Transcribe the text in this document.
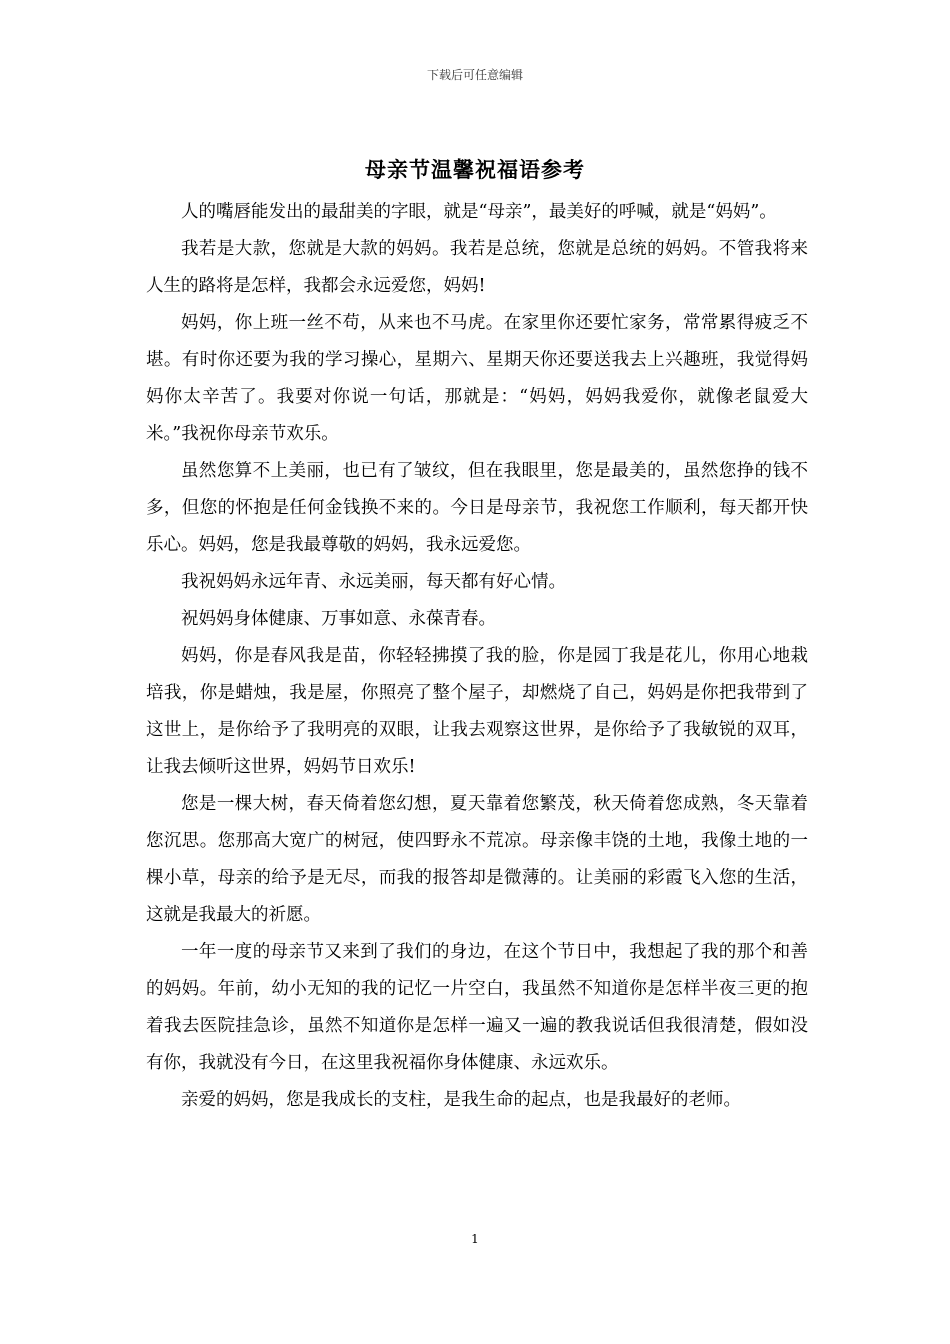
下载后可任意编辑
母亲节温馨祝福语参考

人的嘴唇能发出的最甜美的字眼，就是“母亲”，最美好的呼喊，就是“妈妈”。

我若是大款，您就是大款的妈妈。我若是总统，您就是总统的妈妈。不管我将来人生的路将是怎样，我都会永远爱您，妈妈!

妈妈，你上班一丝不苟，从来也不马虎。在家里你还要忙家务，常常累得疲乏不堪。有时你还要为我的学习操心，星期六、星期天你还要送我去上兴趣班，我觉得妈妈你太辛苦了。我要对你说一句话，那就是：“妈妈，妈妈我爱你，就像老鼠爱大米。”我祝你母亲节欢乐。

虽然您算不上美丽，也已有了皱纹，但在我眼里，您是最美的，虽然您挣的钱不多，但您的怀抱是任何金钱换不来的。今日是母亲节，我祝您工作顺利，每天都开快乐心。妈妈，您是我最尊敬的妈妈，我永远爱您。

我祝妈妈永远年青、永远美丽，每天都有好心情。

祝妈妈身体健康、万事如意、永葆青春。

妈妈，你是春风我是苗，你轻轻拂摸了我的脸，你是园丁我是花儿，你用心地栽培我，你是蜡烛，我是屋，你照亮了整个屋子，却燃烧了自己，妈妈是你把我带到了这世上，是你给予了我明亮的双眼，让我去观察这世界，是你给予了我敏锐的双耳，让我去倾听这世界，妈妈节日欢乐!

您是一棵大树，春天倚着您幻想，夏天靠着您繁茂，秋天倚着您成熟，冬天靠着您沉思。您那高大宽广的树冠，使四野永不荒凉。母亲像丰饶的土地，我像土地的一棵小草，母亲的给予是无尽，而我的报答却是微薄的。让美丽的彩霞飞入您的生活，这就是我最大的祈愿。

一年一度的母亲节又来到了我们的身边，在这个节日中，我想起了我的那个和善的妈妈。年前，幼小无知的我的记忆一片空白，我虽然不知道你是怎样半夜三更的抱着我去医院挂急诊，虽然不知道你是怎样一遍又一遍的教我说话但我很清楚，假如没有你，我就没有今日，在这里我祝福你身体健康、永远欢乐。

亲爱的妈妈，您是我成长的支柱，是我生命的起点，也是我最好的老师。

1
